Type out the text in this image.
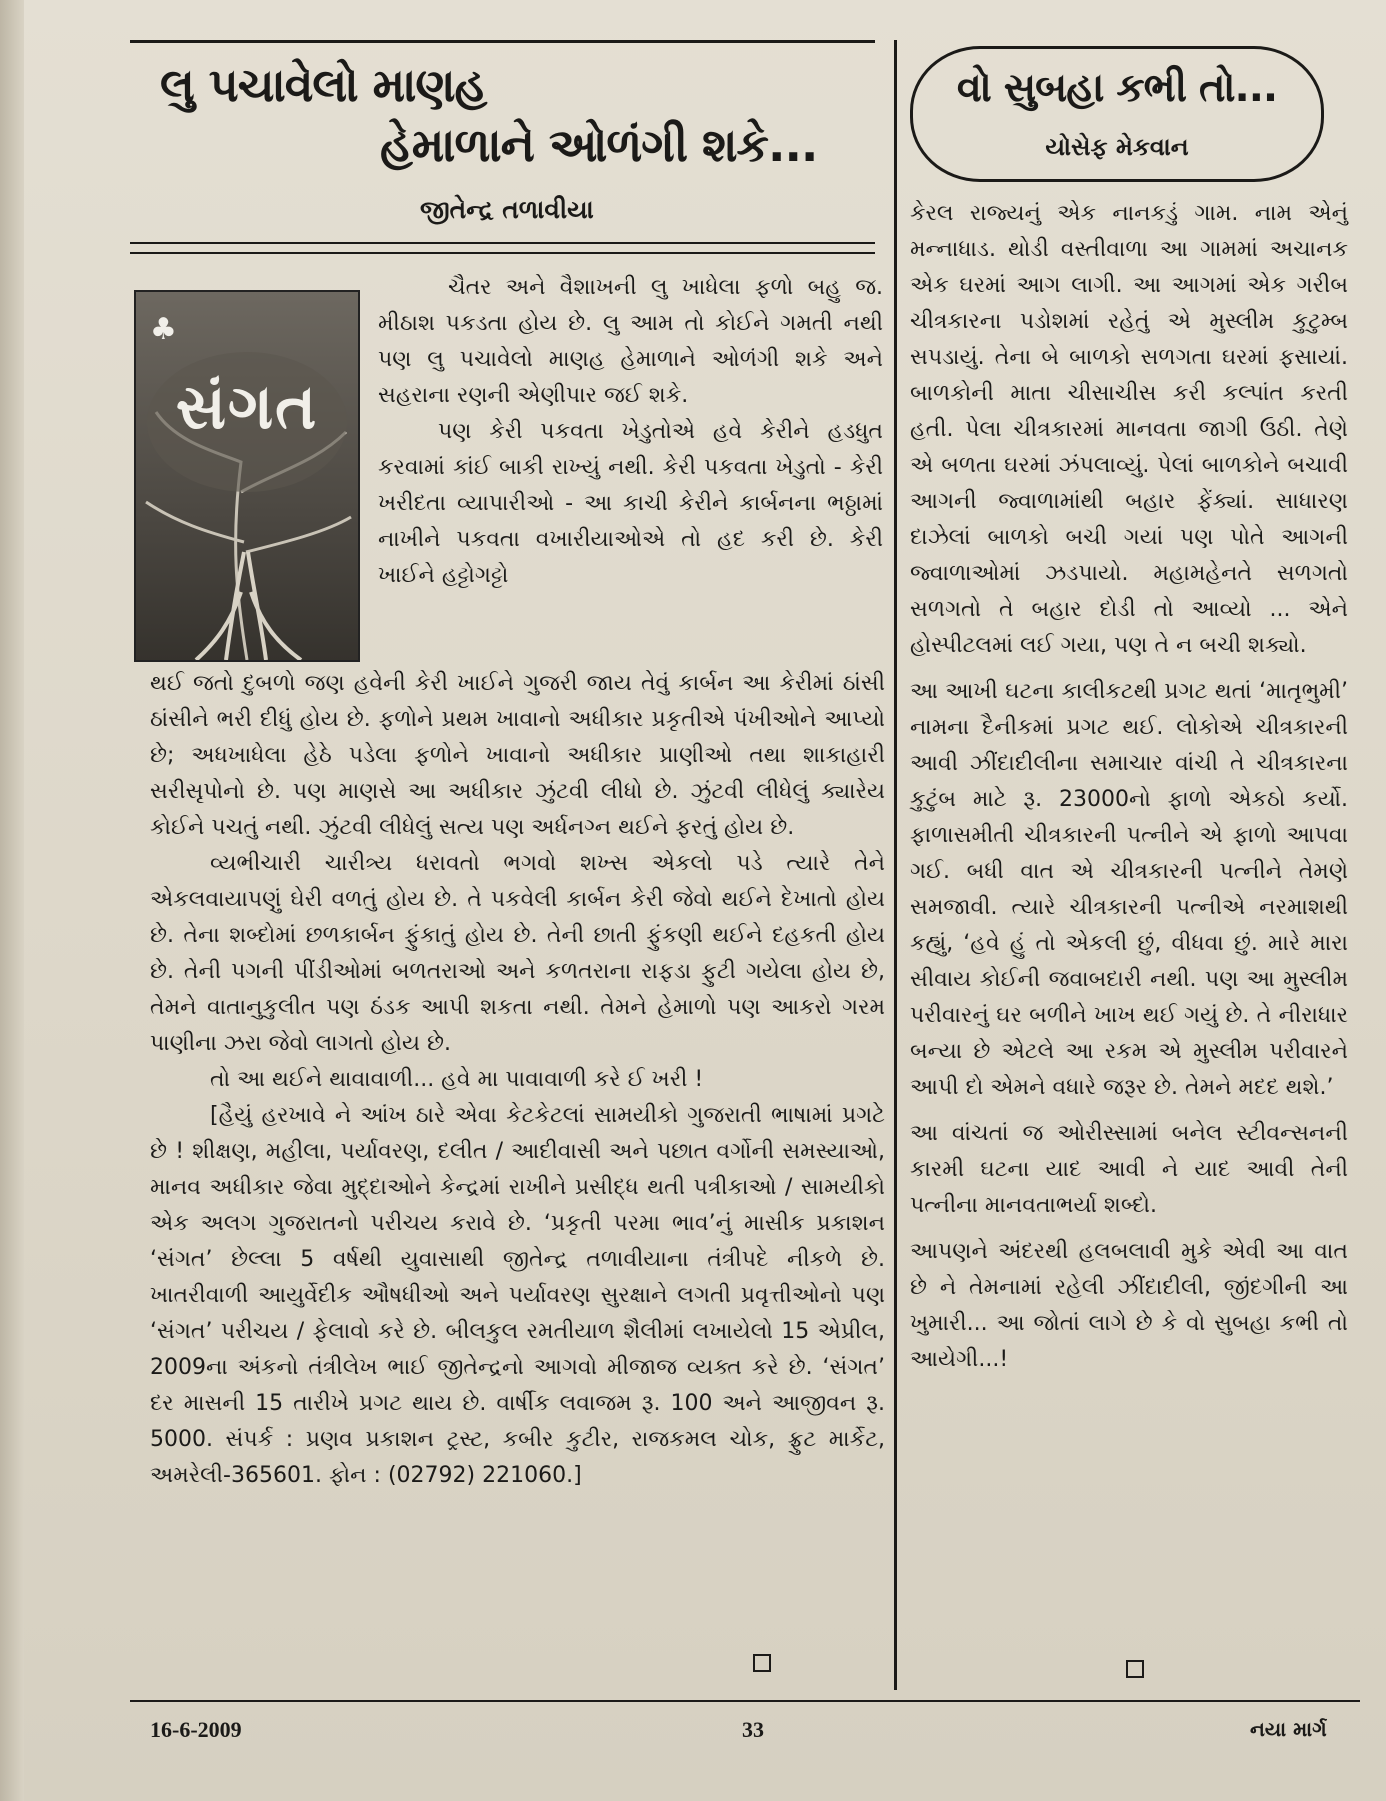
લુ પચાવેલો માણહ
હેમાળાને ઓળંગી શકે...
જીતેન્દ્ર તળાવીયા
♣
સંગત

ચૈતર અને વૈશાખની લુ ખાધેલા ફળો બહુ જ. મીઠાશ પકડતા હોય છે. લુ આમ તો કોઈને ગમતી નથી પણ લુ પચાવેલો માણહ હેમાળાને ઓળંગી શકે અને સહરાના રણની એણીપાર જઈ શકે.

પણ કેરી પકવતા ખેડુતોએ હવે કેરીને હડધુત કરવામાં કાંઈ બાકી રાખ્યું નથી. કેરી પકવતા ખેડુતો - કેરી ખરીદતા વ્યાપારીઓ - આ કાચી કેરીને કાર્બનના ભઠ્ઠામાં નાખીને પકવતા વખારીયાઓએ તો હદ કરી છે. કેરી ખાઈને હટ્ટોગટ્ટો

થઈ જતો દુબળો જણ હવેની કેરી ખાઈને ગુજરી જાય તેવું કાર્બન આ કેરીમાં ઠાંસી ઠાંસીને ભરી દીધું હોય છે. ફળોને પ્રથમ ખાવાનો અધીકાર પ્રકૃતીએ પંખીઓને આપ્યો છે; અધખાધેલા હેઠે પડેલા ફળોને ખાવાનો અધીકાર પ્રાણીઓ તથા શાકાહારી સરીસૃપોનો છે. પણ માણસે આ અધીકાર ઝુંટવી લીધો છે. ઝુંટવી લીધેલું ક્યારેય કોઈને પચતું નથી. ઝુંટવી લીધેલું સત્ય પણ અર્ધનગ્ન થઈને ફરતું હોય છે.

વ્યભીચારી ચારીત્ર્ય ધરાવતો ભગવો શખ્સ એકલો પડે ત્યારે તેને એકલવાયાપણું ઘેરી વળતું હોય છે. તે પકવેલી કાર્બન કેરી જેવો થઈને દેખાતો હોય છે. તેના શબ્દોમાં છળકાર્બન ફુંકાતું હોય છે. તેની છાતી ફુંકણી થઈને દહકતી હોય છે. તેની પગની પીંડીઓમાં બળતરાઓ અને કળતરાના રાફડા ફુટી ગયેલા હોય છે, તેમને વાતાનુકુલીત પણ ઠંડક આપી શકતા નથી. તેમને હેમાળો પણ આકરો ગરમ પાણીના ઝરા જેવો લાગતો હોય છે.

તો આ થઈને થાવાવાળી... હવે મા પાવાવાળી કરે ઈ ખરી !

[હૈયું હરખાવે ને આંખ ઠારે એવા કેટકેટલાં સામયીકો ગુજરાતી ભાષામાં પ્રગટે છે ! શીક્ષણ, મહીલા, પર્યાવરણ, દલીત / આદીવાસી અને પછાત વર્ગોની સમસ્યાઓ, માનવ અધીકાર જેવા મુદ્દાઓને કેન્દ્રમાં રાખીને પ્રસીદ્ધ થતી પત્રીકાઓ / સામયીકો એક અલગ ગુજરાતનો પરીચય કરાવે છે. ‘પ્રકૃતી પરમા ભાવ’નું માસીક પ્રકાશન ‘સંગત’ છેલ્લા 5 વર્ષથી યુવાસાથી જીતેન્દ્ર તળાવીયાના તંત્રીપદે નીકળે છે. ખાતરીવાળી આયુર્વેદીક ઔષધીઓ અને પર્યાવરણ સુરક્ષાને લગતી પ્રવૃત્તીઓનો પણ ‘સંગત’ પરીચય / ફેલાવો કરે છે. બીલકુલ રમતીયાળ શૈલીમાં લખાયેલો 15 એપ્રીલ, 2009ના અંકનો તંત્રીલેખ ભાઈ જીતેન્દ્રનો આગવો મીજાજ વ્યક્ત કરે છે. ‘સંગત’ દર માસની 15 તારીખે પ્રગટ થાય છે. વાર્ષીક લવાજમ રૂ. 100 અને આજીવન રૂ. 5000. સંપર્ક : પ્રણવ પ્રકાશન ટ્રસ્ટ, કબીર કુટીર, રાજકમલ ચોક, ફ્રુટ માર્કેટ, અમરેલી-365601. ફોન : (02792) 221060.]

વો સુબહા કભી તો...
યોસેફ મેકવાન

કેરલ રાજ્યનું એક નાનકડું ગામ. નામ એનું મન્નાધાડ. થોડી વસ્તીવાળા આ ગામમાં અચાનક એક ઘરમાં આગ લાગી. આ આગમાં એક ગરીબ ચીત્રકારના પડોશમાં રહેતું એ મુસ્લીમ કુટુમ્બ સપડાયું. તેના બે બાળકો સળગતા ઘરમાં ફસાયાં. બાળકોની માતા ચીસાચીસ કરી કલ્પાંત કરતી હતી. પેલા ચીત્રકારમાં માનવતા જાગી ઉઠી. તેણે એ બળતા ઘરમાં ઝંપલાવ્યું. પેલાં બાળકોને બચાવી આગની જ્વાળામાંથી બહાર ફેંક્યાં. સાધારણ દાઝેલાં બાળકો બચી ગયાં પણ પોતે આગની જ્વાળાઓમાં ઝડપાયો. મહામહેનતે સળગતો સળગતો તે બહાર દોડી તો આવ્યો ... એને હોસ્પીટલમાં લઈ ગયા, પણ તે ન બચી શક્યો.

આ આખી ઘટના કાલીકટથી પ્રગટ થતાં ‘માતૃભુમી’ નામના દૈનીકમાં પ્રગટ થઈ. લોકોએ ચીત્રકારની આવી ઝીંદાદીલીના સમાચાર વાંચી તે ચીત્રકારના કુટુંબ માટે રૂ. 23000નો ફાળો એકઠો કર્યો. ફાળાસમીતી ચીત્રકારની પત્નીને એ ફાળો આપવા ગઈ. બધી વાત એ ચીત્રકારની પત્નીને તેમણે સમજાવી. ત્યારે ચીત્રકારની પત્નીએ નરમાશથી કહ્યું, ‘હવે હું તો એકલી છું, વીધવા છું. મારે મારા સીવાય કોઈની જવાબદારી નથી. પણ આ મુસ્લીમ પરીવારનું ઘર બળીને ખાખ થઈ ગયું છે. તે નીરાધાર બન્યા છે એટલે આ રકમ એ મુસ્લીમ પરીવારને આપી દો એમને વધારે જરૂર છે. તેમને મદદ થશે.’

આ વાંચતાં જ ઓરીસ્સામાં બનેલ સ્ટીવન્સનની કારમી ઘટના યાદ આવી ને યાદ આવી તેની પત્નીના માનવતાભર્યા શબ્દો.

આપણને અંદરથી હલબલાવી મુકે એવી આ વાત છે ને તેમનામાં રહેલી ઝીંદાદીલી, જીંદગીની આ ખુમારી... આ જોતાં લાગે છે કે વો સુબહા કભી તો આયેગી...!

16-6-2009	33	નયા માર્ગ
